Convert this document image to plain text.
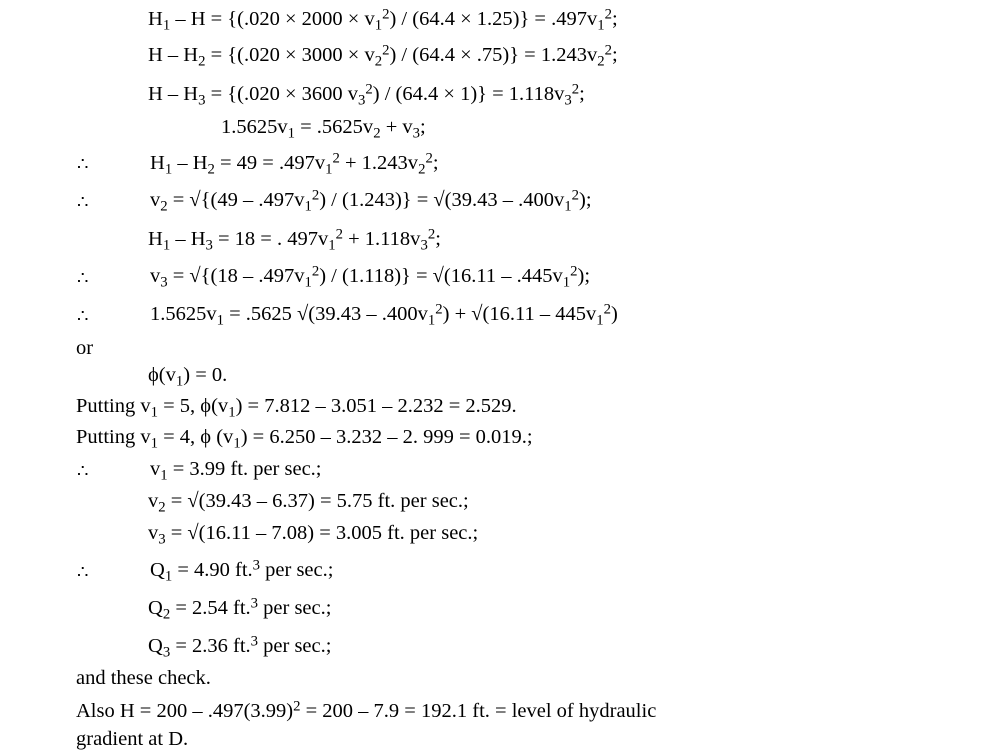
$H_1 - H = \{(.020 \times 2000 \times v_1^2) / (64.4 \times 1.25)\} = .497v_1^2$;
$H - H_2 = \{(.020 \times 3000 \times v_2^2) / (64.4 \times .75)\} = 1.243v_2^2$;
$H - H_3 = \{(.020 \times 3600$ $v_3^2) / (64.4 \times 1)\} = 1.118v_3^2$;
$1.5625v_1 = .5625v_2 + v_3$;
∴	$H_1 - H_2 = 49 = .497v_1^2 + 1.243v_2^2$;
∴	$v_2 = √\{(49 - .497v_1^2) / (1.243)\} = √(39.43 - .400v_1^2)$;
$H_1 - H_3 = 18$ = . $497v_1^2 + 1.118v_3^2$;
∴	$v_3 = √\{(18 - .497v_1^2) / (1.118)\} = √(16.11 - .445v_1^2)$;
∴	$1.5625v_1 = .5625$ $√(39.43 - .400v_1^2) + √(16.11 - 445v_1^2)$
or
$\phi(v_1) = 0$.
Putting $v_1 = 5$, $\phi(v_1) = 7.812 - 3.051 - 2.232 = 2.529$.
Putting $v_1 = 4$, ϕ $(v_1) = 6.250 - 3.232 - 2$. 999 = 0.019.;
∴	$v_1 = 3.99$ ft. per sec.;
$v_2 = √(39.43 - 6.37) = 5.75$ ft. per sec.;
$v_3 = √(16.11 - 7.08) = 3.005$ ft. per sec.;
∴	$Q_1 = 4.90$ ft.$^3$ per sec.;
$Q_2 = 2.54$ ft.$^3$ per sec.;
$Q_3 = 2.36$ ft.$^3$ per sec.;
and these check.
Also $H = 200 - .497(3.99)^2 = 200 - 7.9 = 192.1$ ft. = level of hydraulic
gradient at D.
